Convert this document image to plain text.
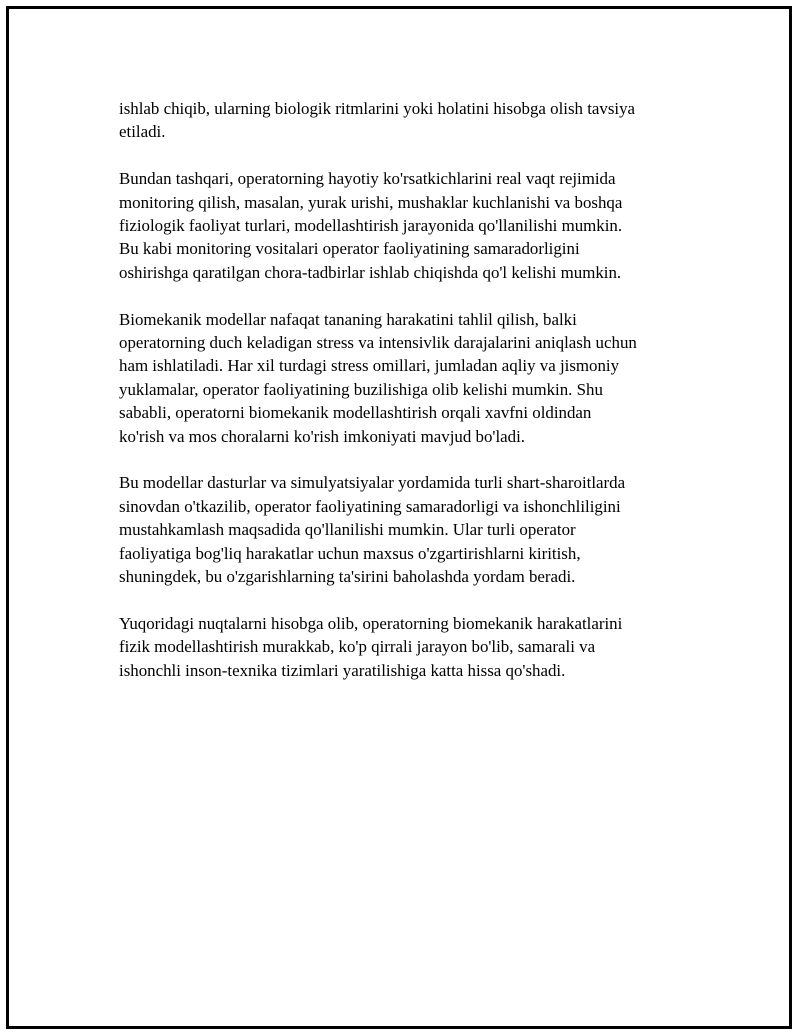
ishlab chiqib, ularning biologik ritmlarini yoki holatini hisobga olish tavsiya
etiladi.

Bundan tashqari, operatorning hayotiy ko'rsatkichlarini real vaqt rejimida
monitoring qilish, masalan, yurak urishi, mushaklar kuchlanishi va boshqa
fiziologik faoliyat turlari, modellashtirish jarayonida qo'llanilishi mumkin.
Bu kabi monitoring vositalari operator faoliyatining samaradorligini
oshirishga qaratilgan chora-tadbirlar ishlab chiqishda qo'l kelishi mumkin.

Biomekanik modellar nafaqat tananing harakatini tahlil qilish, balki
operatorning duch keladigan stress va intensivlik darajalarini aniqlash uchun
ham ishlatiladi. Har xil turdagi stress omillari, jumladan aqliy va jismoniy
yuklamalar, operator faoliyatining buzilishiga olib kelishi mumkin. Shu
sababli, operatorni biomekanik modellashtirish orqali xavfni oldindan
ko'rish va mos choralarni ko'rish imkoniyati mavjud bo'ladi.

Bu modellar dasturlar va simulyatsiyalar yordamida turli shart-sharoitlarda
sinovdan o'tkazilib, operator faoliyatining samaradorligi va ishonchliligini
mustahkamlash maqsadida qo'llanilishi mumkin. Ular turli operator
faoliyatiga bog'liq harakatlar uchun maxsus o'zgartirishlarni kiritish,
shuningdek, bu o'zgarishlarning ta'sirini baholashda yordam beradi.

Yuqoridagi nuqtalarni hisobga olib, operatorning biomekanik harakatlarini
fizik modellashtirish murakkab, ko'p qirrali jarayon bo'lib, samarali va
ishonchli inson-texnika tizimlari yaratilishiga katta hissa qo'shadi.
